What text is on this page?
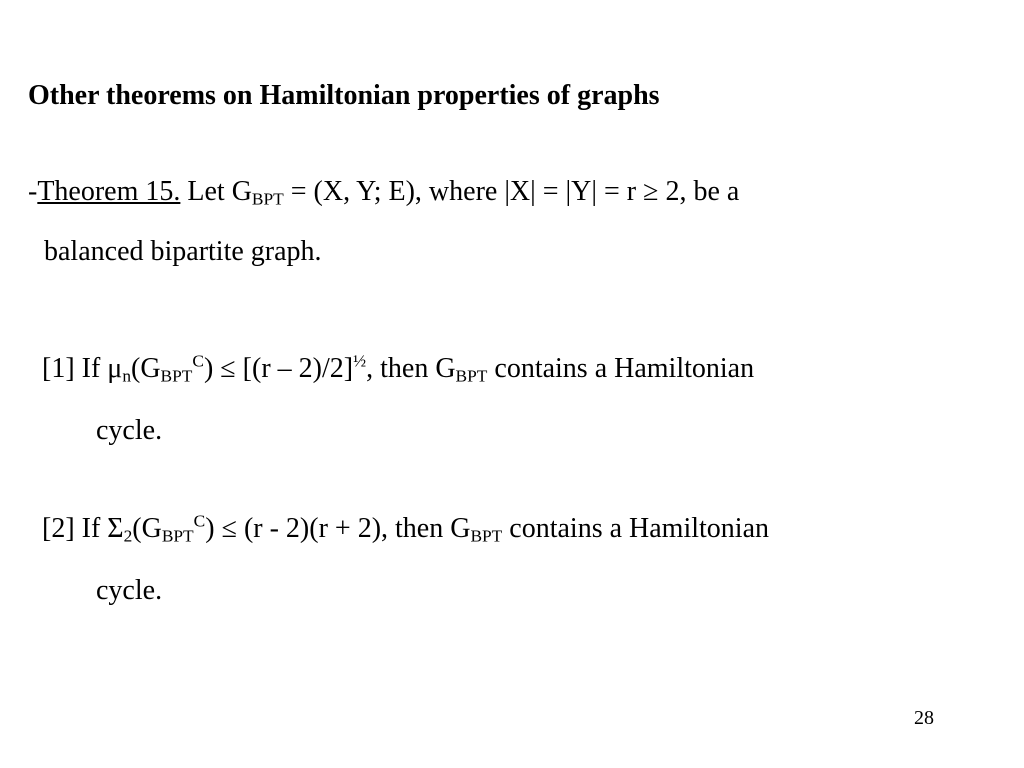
Other theorems on Hamiltonian properties of graphs
-Theorem 15. Let $G_{BPT} = (X$, Y; E), where |X| = |Y| = r ≥ 2, be a
balanced bipartite graph.
[1] If $\mu_n(G_{BPT}^C) \le [(r - 2)/2]^{\frac{1}{2}}$, then $G_{BPT}$ contains a Hamiltonian
cycle.
[2] If $\Sigma_2(G_{BPT}^C) \le (r - 2)(r + 2)$, then $G_{BPT}$ contains a Hamiltonian
cycle.
28
